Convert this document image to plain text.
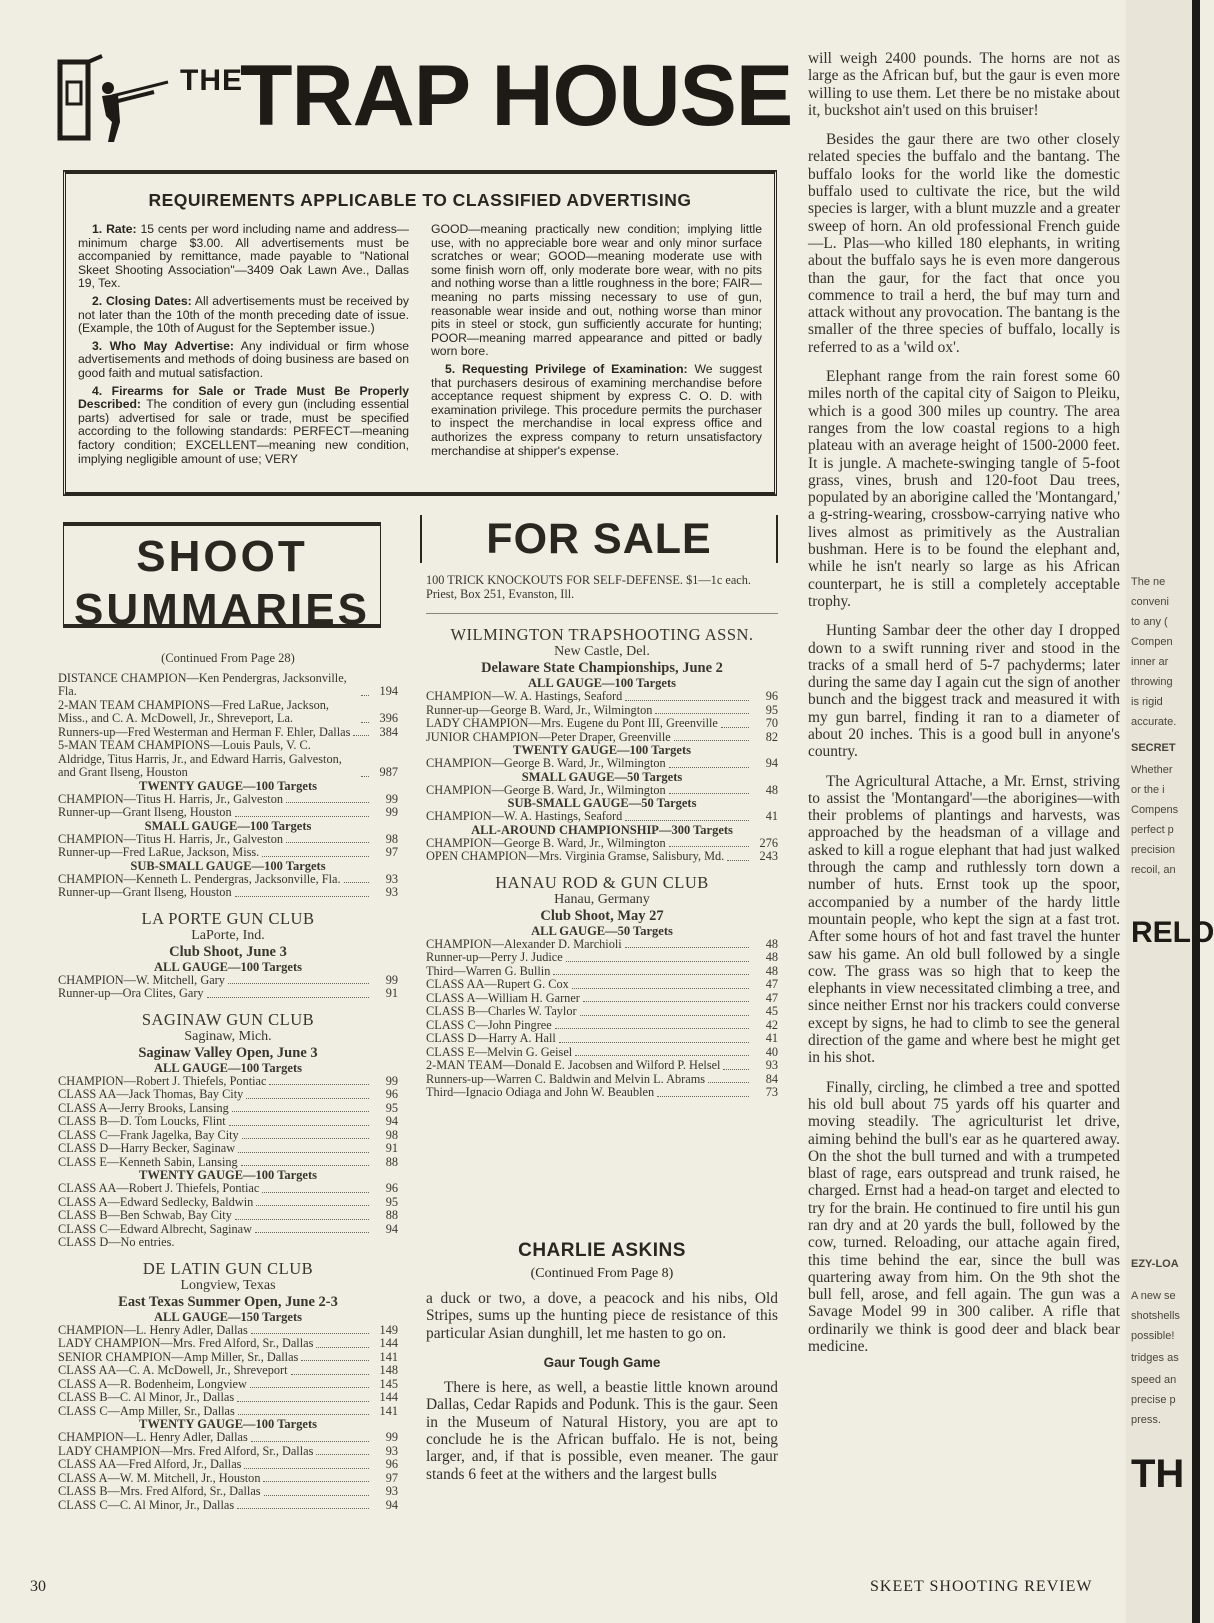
THE
TRAP HOUSE
REQUIREMENTS APPLICABLE TO CLASSIFIED ADVERTISING

1. Rate: 15 cents per word including name and address—minimum charge $3.00. All advertisements must be accompanied by remittance, made payable to "National Skeet Shooting Association"—3409 Oak Lawn Ave., Dallas 19, Tex.

2. Closing Dates: All advertisements must be received by not later than the 10th of the month preceding date of issue. (Example, the 10th of August for the September issue.)

3. Who May Advertise: Any individual or firm whose advertisements and methods of doing business are based on good faith and mutual satisfaction.

4. Firearms for Sale or Trade Must Be Properly Described: The condition of every gun (including essential parts) advertised for sale or trade, must be specified according to the following standards: PERFECT—meaning factory condition; EXCELLENT—meaning new condition, implying negligible amount of use; VERY

GOOD—meaning practically new condition; implying little use, with no appreciable bore wear and only minor surface scratches or wear; GOOD—meaning moderate use with some finish worn off, only moderate bore wear, with no pits and nothing worse than a little roughness in the bore; FAIR—meaning no parts missing necessary to use of gun, reasonable wear inside and out, nothing worse than minor pits in steel or stock, gun sufficiently accurate for hunting; POOR—meaning marred appearance and pitted or badly worn bore.

5. Requesting Privilege of Examination: We suggest that purchasers desirous of examining merchandise before acceptance request shipment by express C. O. D. with examination privilege. This procedure permits the purchaser to inspect the merchandise in local express office and authorizes the express company to return unsatisfactory merchandise at shipper's expense.

SHOOT
SUMMARIES
(Continued From Page 28)
DISTANCE CHAMPION—Ken Pendergras, Jacksonville, Fla.	194
2-MAN TEAM CHAMPIONS—Fred LaRue, Jackson, Miss., and C. A. McDowell, Jr., Shreveport, La.	396
Runners-up—Fred Westerman and Herman F. Ehler, Dallas	384
5-MAN TEAM CHAMPIONS—Louis Pauls, V. C. Aldridge, Titus Harris, Jr., and Edward Harris, Galveston, and Grant Ilseng, Houston	987
TWENTY GAUGE—100 Targets
CHAMPION—Titus H. Harris, Jr., Galveston	99
Runner-up—Grant Ilseng, Houston	99
SMALL GAUGE—100 Targets
CHAMPION—Titus H. Harris, Jr., Galveston	98
Runner-up—Fred LaRue, Jackson, Miss.	97
SUB-SMALL GAUGE—100 Targets
CHAMPION—Kenneth L. Pendergras, Jacksonville, Fla.	93
Runner-up—Grant Ilseng, Houston	93
LA PORTE GUN CLUB
LaPorte, Ind.
Club Shoot, June 3
ALL GAUGE—100 Targets
CHAMPION—W. Mitchell, Gary	99
Runner-up—Ora Clites, Gary	91
SAGINAW GUN CLUB
Saginaw, Mich.
Saginaw Valley Open, June 3
ALL GAUGE—100 Targets
CHAMPION—Robert J. Thiefels, Pontiac	99
CLASS AA—Jack Thomas, Bay City	96
CLASS A—Jerry Brooks, Lansing	95
CLASS B—D. Tom Loucks, Flint	94
CLASS C—Frank Jagelka, Bay City	98
CLASS D—Harry Becker, Saginaw	91
CLASS E—Kenneth Sabin, Lansing	88
TWENTY GAUGE—100 Targets
CLASS AA—Robert J. Thiefels, Pontiac	96
CLASS A—Edward Sedlecky, Baldwin	95
CLASS B—Ben Schwab, Bay City	88
CLASS C—Edward Albrecht, Saginaw	94
CLASS D—No entries.
DE LATIN GUN CLUB
Longview, Texas
East Texas Summer Open, June 2-3
ALL GAUGE—150 Targets
CHAMPION—L. Henry Adler, Dallas	149
LADY CHAMPION—Mrs. Fred Alford, Sr., Dallas	144
SENIOR CHAMPION—Amp Miller, Sr., Dallas	141
CLASS AA—C. A. McDowell, Jr., Shreveport	148
CLASS A—R. Bodenheim, Longview	145
CLASS B—C. Al Minor, Jr., Dallas	144
CLASS C—Amp Miller, Sr., Dallas	141
TWENTY GAUGE—100 Targets
CHAMPION—L. Henry Adler, Dallas	99
LADY CHAMPION—Mrs. Fred Alford, Sr., Dallas	93
CLASS AA—Fred Alford, Jr., Dallas	96
CLASS A—W. M. Mitchell, Jr., Houston	97
CLASS B—Mrs. Fred Alford, Sr., Dallas	93
CLASS C—C. Al Minor, Jr., Dallas	94
FOR SALE
100 TRICK KNOCKOUTS FOR SELF-DEFENSE. $1—1c each. Priest, Box 251, Evanston, Ill.
WILMINGTON TRAPSHOOTING ASSN.
New Castle, Del.
Delaware State Championships, June 2
ALL GAUGE—100 Targets
CHAMPION—W. A. Hastings, Seaford	96
Runner-up—George B. Ward, Jr., Wilmington	95
LADY CHAMPION—Mrs. Eugene du Pont III, Greenville	70
JUNIOR CHAMPION—Peter Draper, Greenville	82
TWENTY GAUGE—100 Targets
CHAMPION—George B. Ward, Jr., Wilmington	94
SMALL GAUGE—50 Targets
CHAMPION—George B. Ward, Jr., Wilmington	48
SUB-SMALL GAUGE—50 Targets
CHAMPION—W. A. Hastings, Seaford	41
ALL-AROUND CHAMPIONSHIP—300 Targets
CHAMPION—George B. Ward, Jr., Wilmington	276
OPEN CHAMPION—Mrs. Virginia Gramse, Salisbury, Md.	243
HANAU ROD & GUN CLUB
Hanau, Germany
Club Shoot, May 27
ALL GAUGE—50 Targets
CHAMPION—Alexander D. Marchioli	48
Runner-up—Perry J. Judice	48
Third—Warren G. Bullin	48
CLASS AA—Rupert G. Cox	47
CLASS A—William H. Garner	47
CLASS B—Charles W. Taylor	45
CLASS C—John Pingree	42
CLASS D—Harry A. Hall	41
CLASS E—Melvin G. Geisel	40
2-MAN TEAM—Donald E. Jacobsen and Wilford P. Helsel	93
Runners-up—Warren C. Baldwin and Melvin L. Abrams	84
Third—Ignacio Odiaga and John W. Beaublen	73
CHARLIE ASKINS
(Continued From Page 8)

a duck or two, a dove, a peacock and his nibs, Old Stripes, sums up the hunting piece de resistance of this particular Asian dunghill, let me hasten to go on.

Gaur Tough Game

There is here, as well, a beastie little known around Dallas, Cedar Rapids and Podunk. This is the gaur. Seen in the Museum of Natural History, you are apt to conclude he is the African buffalo. He is not, being larger, and, if that is possible, even meaner. The gaur stands 6 feet at the withers and the largest bulls

will weigh 2400 pounds. The horns are not as large as the African buf, but the gaur is even more willing to use them. Let there be no mistake about it, buckshot ain't used on this bruiser!

Besides the gaur there are two other closely related species the buffalo and the bantang. The buffalo looks for the world like the domestic buffalo used to cultivate the rice, but the wild species is larger, with a blunt muzzle and a greater sweep of horn. An old professional French guide—L. Plas—who killed 180 elephants, in writing about the buffalo says he is even more dangerous than the gaur, for the fact that once you commence to trail a herd, the buf may turn and attack without any provocation. The bantang is the smaller of the three species of buffalo, locally is referred to as a 'wild ox'.

Elephant range from the rain forest some 60 miles north of the capital city of Saigon to Pleiku, which is a good 300 miles up country. The area ranges from the low coastal regions to a high plateau with an average height of 1500-2000 feet. It is jungle. A machete-swinging tangle of 5-foot grass, vines, brush and 120-foot Dau trees, populated by an aborigine called the 'Montangard,' a g-string-wearing, crossbow-carrying native who lives almost as primitively as the Australian bushman. Here is to be found the elephant and, while he isn't nearly so large as his African counterpart, he is still a completely acceptable trophy.

Hunting Sambar deer the other day I dropped down to a swift running river and stood in the tracks of a small herd of 5-7 pachyderms; later during the same day I again cut the sign of another bunch and the biggest track and measured it with my gun barrel, finding it ran to a diameter of about 20 inches. This is a good bull in anyone's country.

The Agricultural Attache, a Mr. Ernst, striving to assist the 'Montangard'—the aborigines—with their problems of plantings and harvests, was approached by the headsman of a village and asked to kill a rogue elephant that had just walked through the camp and ruthlessly torn down a number of huts. Ernst took up the spoor, accompanied by a number of the hardy little mountain people, who kept the sign at a fast trot. After some hours of hot and fast travel the hunter saw his game. An old bull followed by a single cow. The grass was so high that to keep the elephants in view necessitated climbing a tree, and since neither Ernst nor his trackers could converse except by signs, he had to climb to see the general direction of the game and where best he might get in his shot.

Finally, circling, he climbed a tree and spotted his old bull about 75 yards off his quarter and moving steadily. The agriculturist let drive, aiming behind the bull's ear as he quartered away. On the shot the bull turned and with a trumpeted blast of rage, ears outspread and trunk raised, he charged. Ernst had a head-on target and elected to try for the brain. He continued to fire until his gun ran dry and at 20 yards the bull, followed by the cow, turned. Reloading, our attache again fired, this time behind the ear, since the bull was quartering away from him. On the 9th shot the bull fell, arose, and fell again. The gun was a Savage Model 99 in 300 caliber. A rifle that ordinarily we think is good deer and black bear medicine.

The ne
conveni
to any (
Compen
inner ar
throwing
is rigid
accurate.
SECRET
Whether
or the i
Compens
perfect p
precision
recoil, an
RELO
EZY-LOA
A new se
shotshells
possible!
tridges as
speed an
precise p
press.
TH
30	SKEET SHOOTING REVIEW
